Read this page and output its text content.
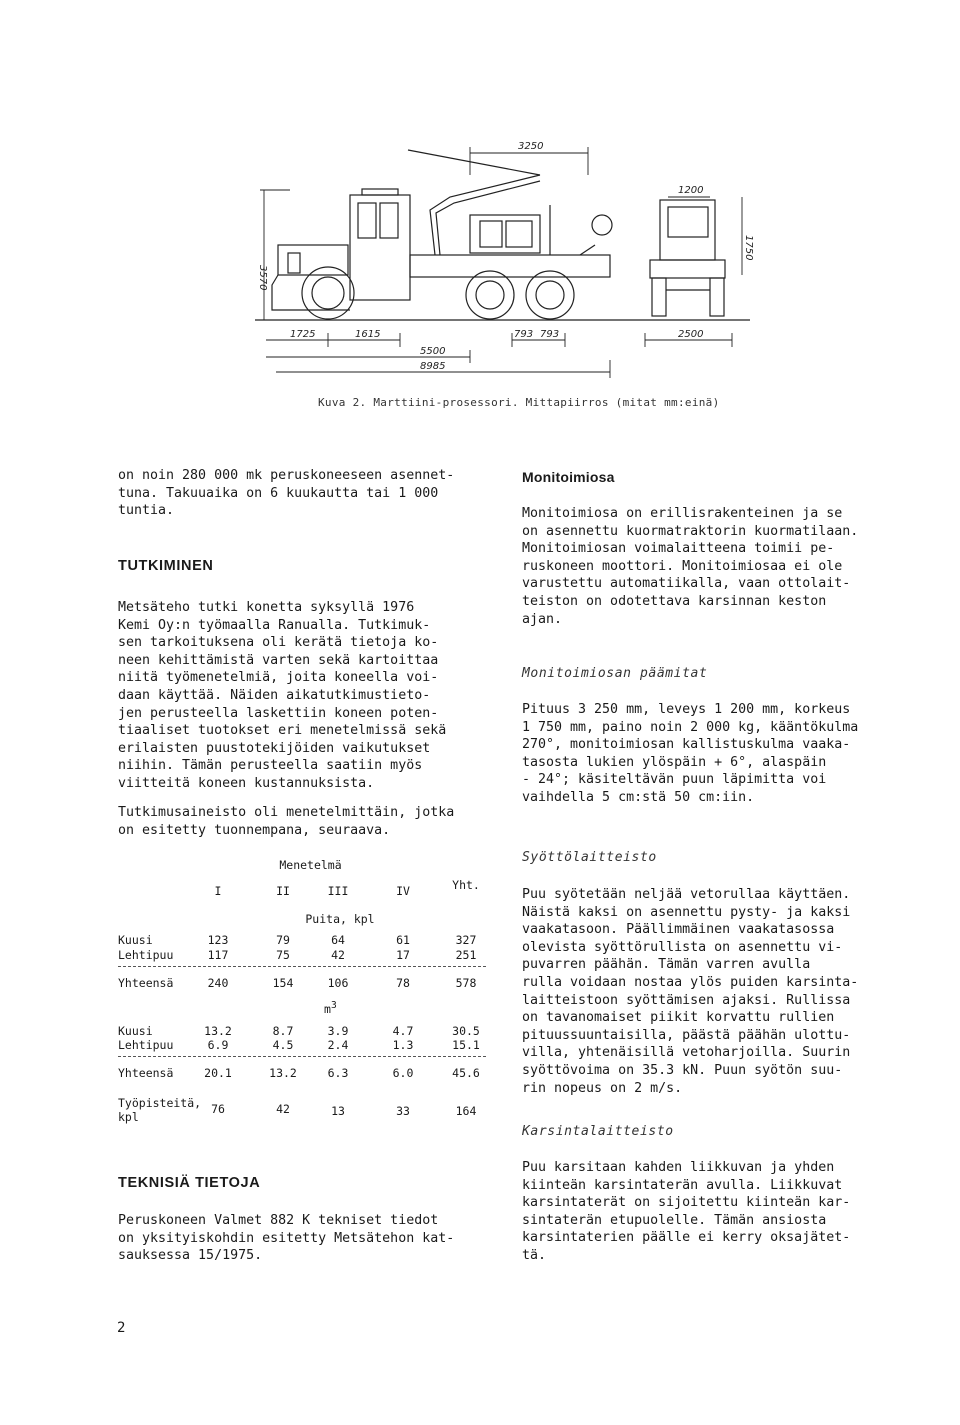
3250
3570
1725	1615
5500
8985
793 793
1200
1750
2500
Kuva 2. Marttiini-prosessori. Mittapiirros (mitat mm:einä)

on noin 280 000 mk peruskoneeseen asennet-

tuna. Takuuaika on 6 kuukautta tai 1 000

tuntia.

TUTKIMINEN

Metsäteho tutki konetta syksyllä 1976

Kemi Oy:n työmaalla Ranualla. Tutkimuk-

sen tarkoituksena oli kerätä tietoja ko-

neen kehittämistä varten sekä kartoittaa

niitä työmenetelmiä, joita koneella voi-

daan käyttää. Näiden aikatutkimustieto-

jen perusteella laskettiin koneen poten-

tiaaliset tuotokset eri menetelmissä sekä

erilaisten puustotekijöiden vaikutukset

niihin. Tämän perusteella saatiin myös

viitteitä koneen kustannuksista.

Tutkimusaineisto oli menetelmittäin, jotka

on esitetty tuonnempana, seuraava.

Menetelmä
I	II	III	IV	Yht.
Puita, kpl
Kuusi	123	79	64	61	327
Lehtipuu	117	75	42	17	251
Yhteensä	240	154	106	78	578
$m^3$
Kuusi	13.2	8.7	3.9	4.7	30.5
Lehtipuu	6.9	4.5	2.4	1.3	15.1
Yhteensä	20.1	13.2	6.3	6.0	45.6
Työpisteitä,
kpl
76	42	13	33	164
TEKNISIÄ TIETOJA

Peruskoneen Valmet 882 K tekniset tiedot

on yksityiskohdin esitetty Metsätehon kat-

sauksessa 15/1975.

Monitoimiosa

Monitoimiosa on erillisrakenteinen ja se

on asennettu kuormatraktorin kuormatilaan.

Monitoimiosan voimalaitteena toimii pe-

ruskoneen moottori. Monitoimiosaa ei ole

varustettu automatiikalla, vaan ottolait-

teiston on odotettava karsinnan keston

ajan.

Monitoimiosan päämitat

Pituus 3 250 mm, leveys 1 200 mm, korkeus

1 750 mm, paino noin 2 000 kg, kääntökulma

270°, monitoimiosan kallistuskulma vaaka-

tasosta lukien ylöspäin + 6°, alaspäin

- 24°; käsiteltävän puun läpimitta voi

vaihdella 5 cm:stä 50 cm:iin.

Syöttölaitteisto

Puu syötetään neljää vetorullaa käyttäen.

Näistä kaksi on asennettu pysty- ja kaksi

vaakatasoon. Päällimmäinen vaakatasossa

olevista syöttörullista on asennettu vi-

puvarren päähän. Tämän varren avulla

rulla voidaan nostaa ylös puiden karsinta-

laitteistoon syöttämisen ajaksi. Rullissa

on tavanomaiset piikit korvattu rullien

pituussuuntaisilla, päästä päähän ulottu-

villa, yhtenäisillä vetoharjoilla. Suurin

syöttövoima on 35.3 kN. Puun syötön suu-

rin nopeus on 2 m/s.

Karsintalaitteisto

Puu karsitaan kahden liikkuvan ja yhden

kiinteän karsintaterän avulla. Liikkuvat

karsintaterät on sijoitettu kiinteän kar-

sintaterän etupuolelle. Tämän ansiosta

karsintaterien päälle ei kerry oksajätet-

tä.

2
